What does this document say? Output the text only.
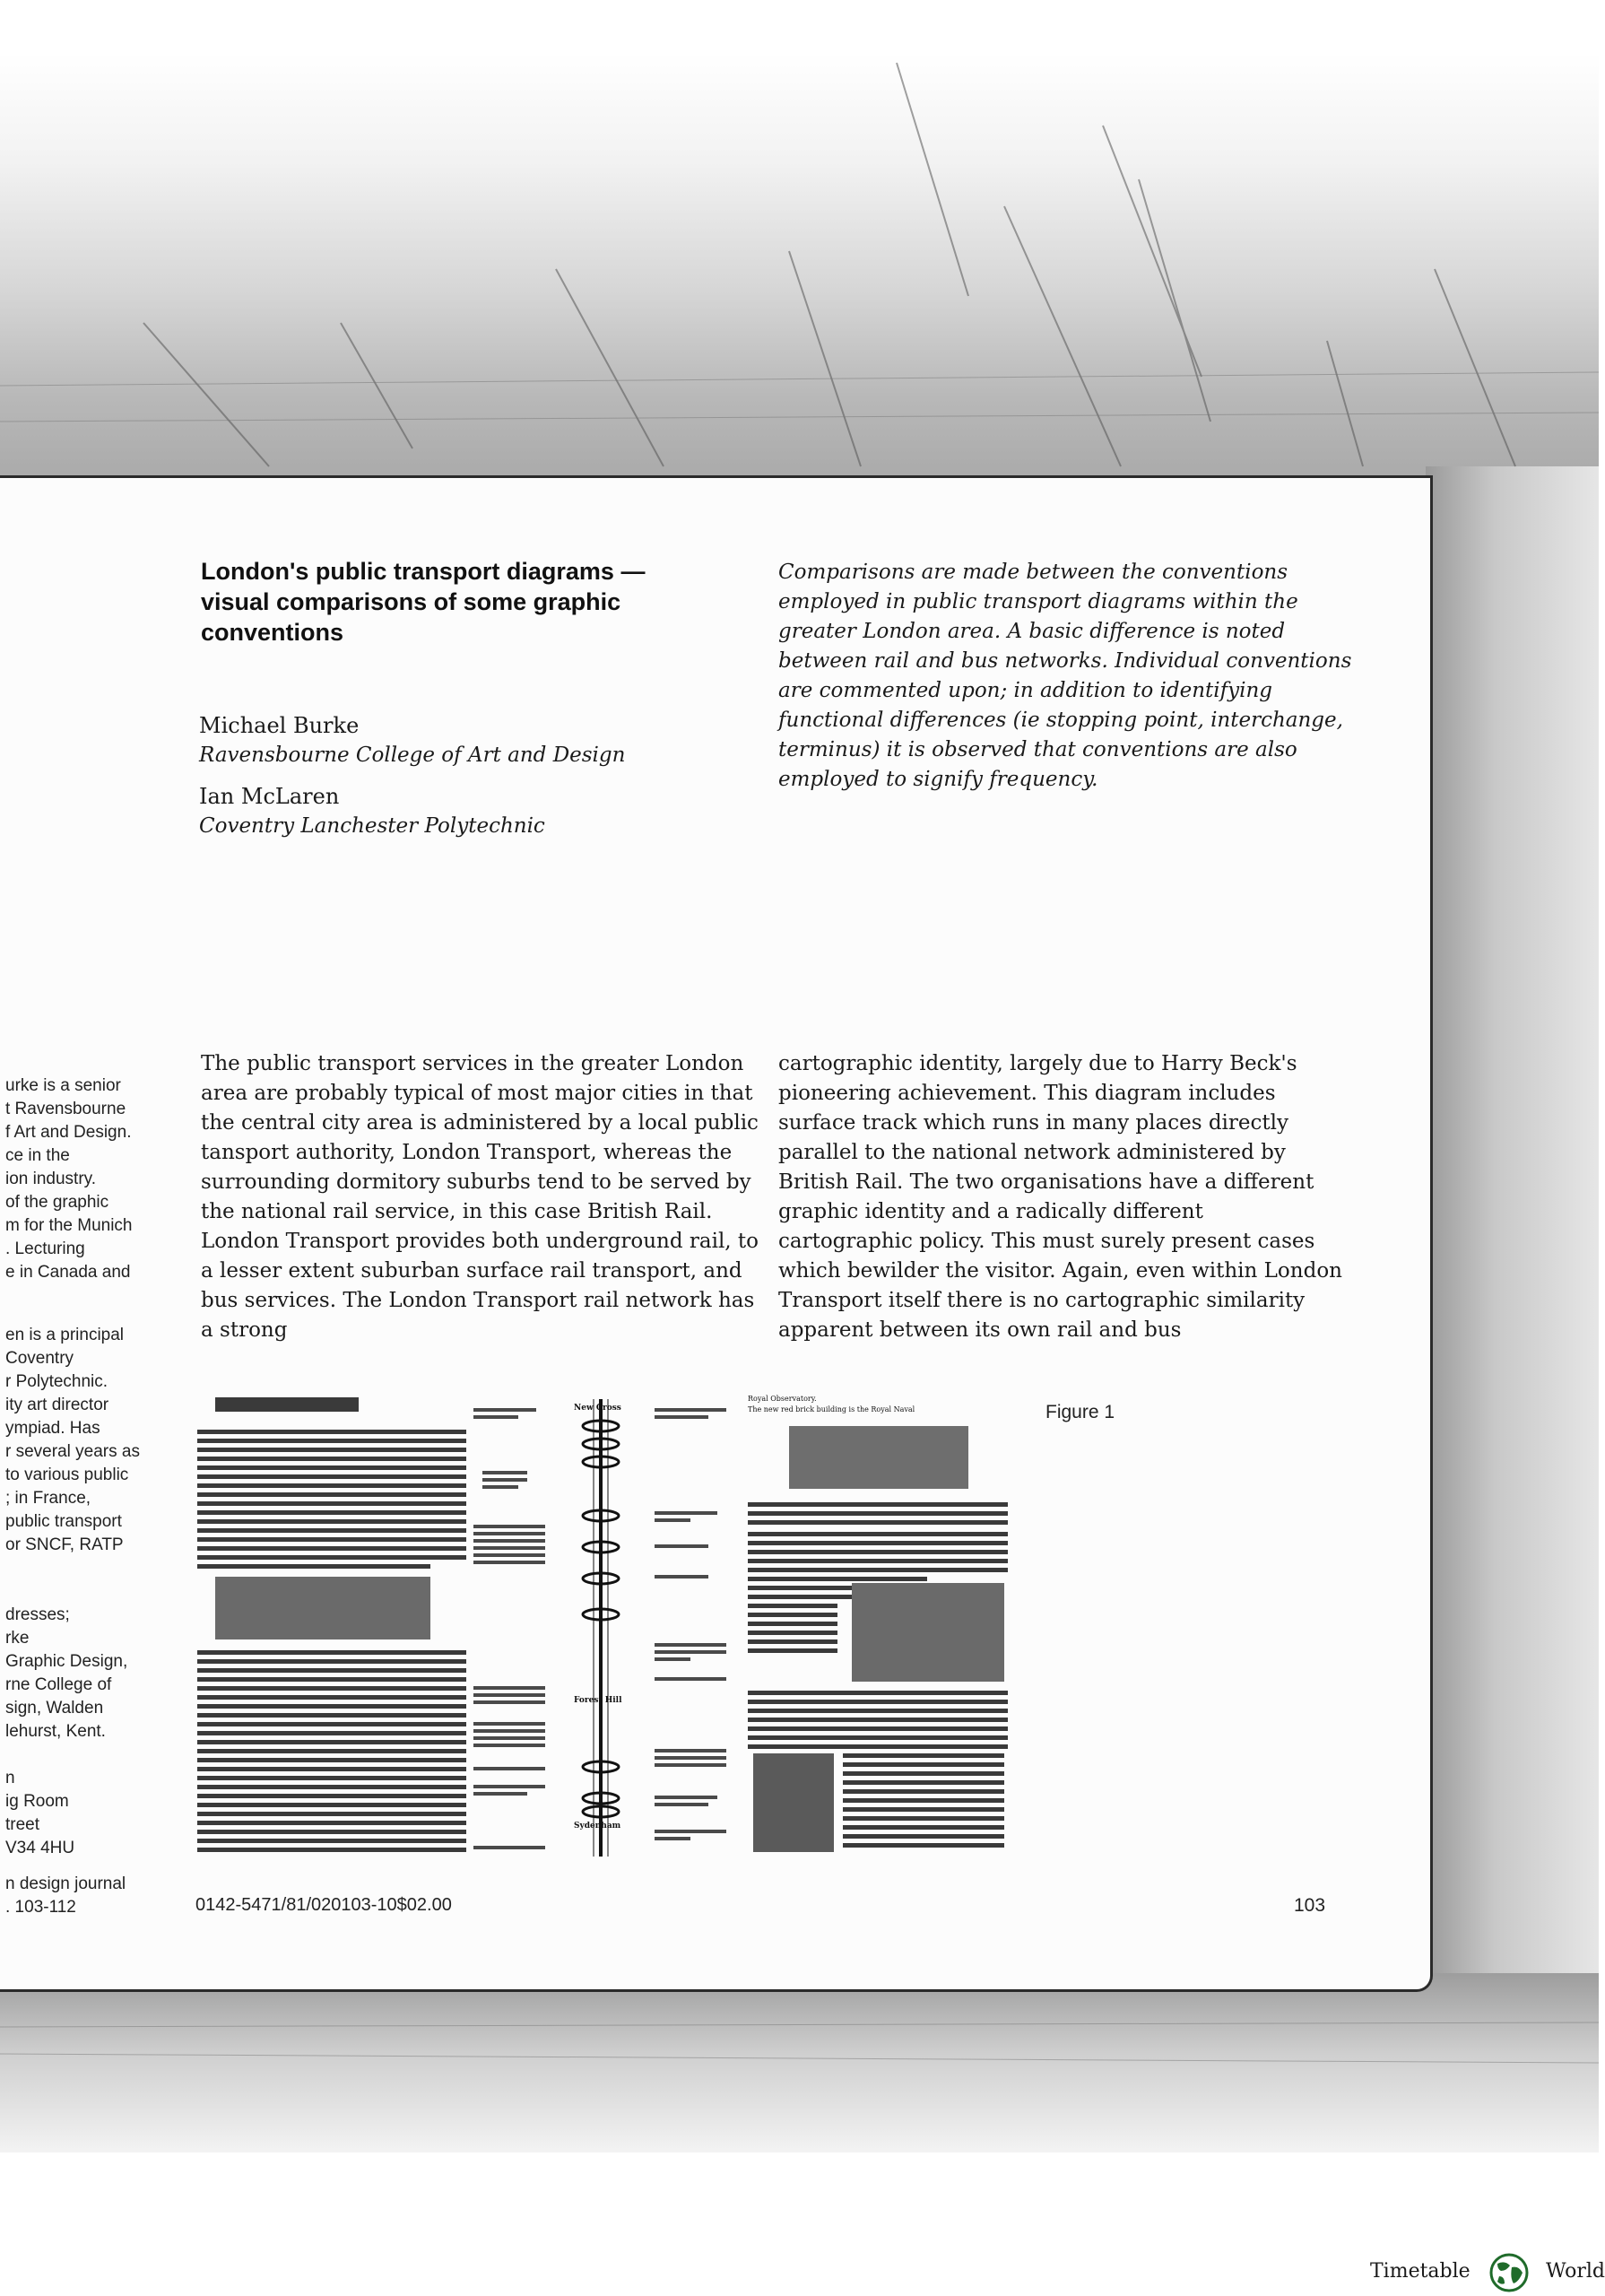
London's public transport diagrams — visual comparisons of some graphic conventions

Comparisons are made between the conventions employed in public transport diagrams within the greater London area. A basic difference is noted between rail and bus networks. Individual conventions are commented upon; in addition to identifying functional differences (ie stopping point, interchange, terminus) it is observed that conventions are also employed to signify frequency.

Michael Burke

Ravensbourne College of Art and Design

Ian McLaren

Coventry Lanchester Polytechnic

The public transport services in the greater London area are probably typical of most major cities in that the central city area is administered by a local public tansport authority, London Transport, whereas the surrounding dormitory suburbs tend to be served by the national rail service, in this case British Rail. London Transport provides both underground rail, to a lesser extent suburban surface rail transport, and bus services. The London Transport rail network has a strong

cartographic identity, largely due to Harry Beck's pioneering achievement. This diagram includes surface track which runs in many places directly parallel to the national network administered by British Rail. The two organisations have a different graphic identity and a radically different cartographic policy. This must surely present cases which bewilder the visitor. Again, even within London Transport itself there is no cartographic similarity apparent between its own rail and bus

urke is a senior

t Ravensbourne

f Art and Design.

ce in the

ion industry.

of the graphic

m for the Munich

. Lecturing

e in Canada and

en is a principal

Coventry

r Polytechnic.

ity art director

ympiad. Has

r several years as

to various public

; in France,

public transport

or SNCF, RATP

dresses;

rke

Graphic Design,

rne College of

sign, Walden

lehurst, Kent.

n

ig Room

treet

V34 4HU

n design journal

. 103-112

New Cross
Forest Hill
Sydenham
Royal Observatory.
The new red brick building is the Royal Naval	Figure 1

0142-5471/81/020103-10$02.00	103

Timetable	World
